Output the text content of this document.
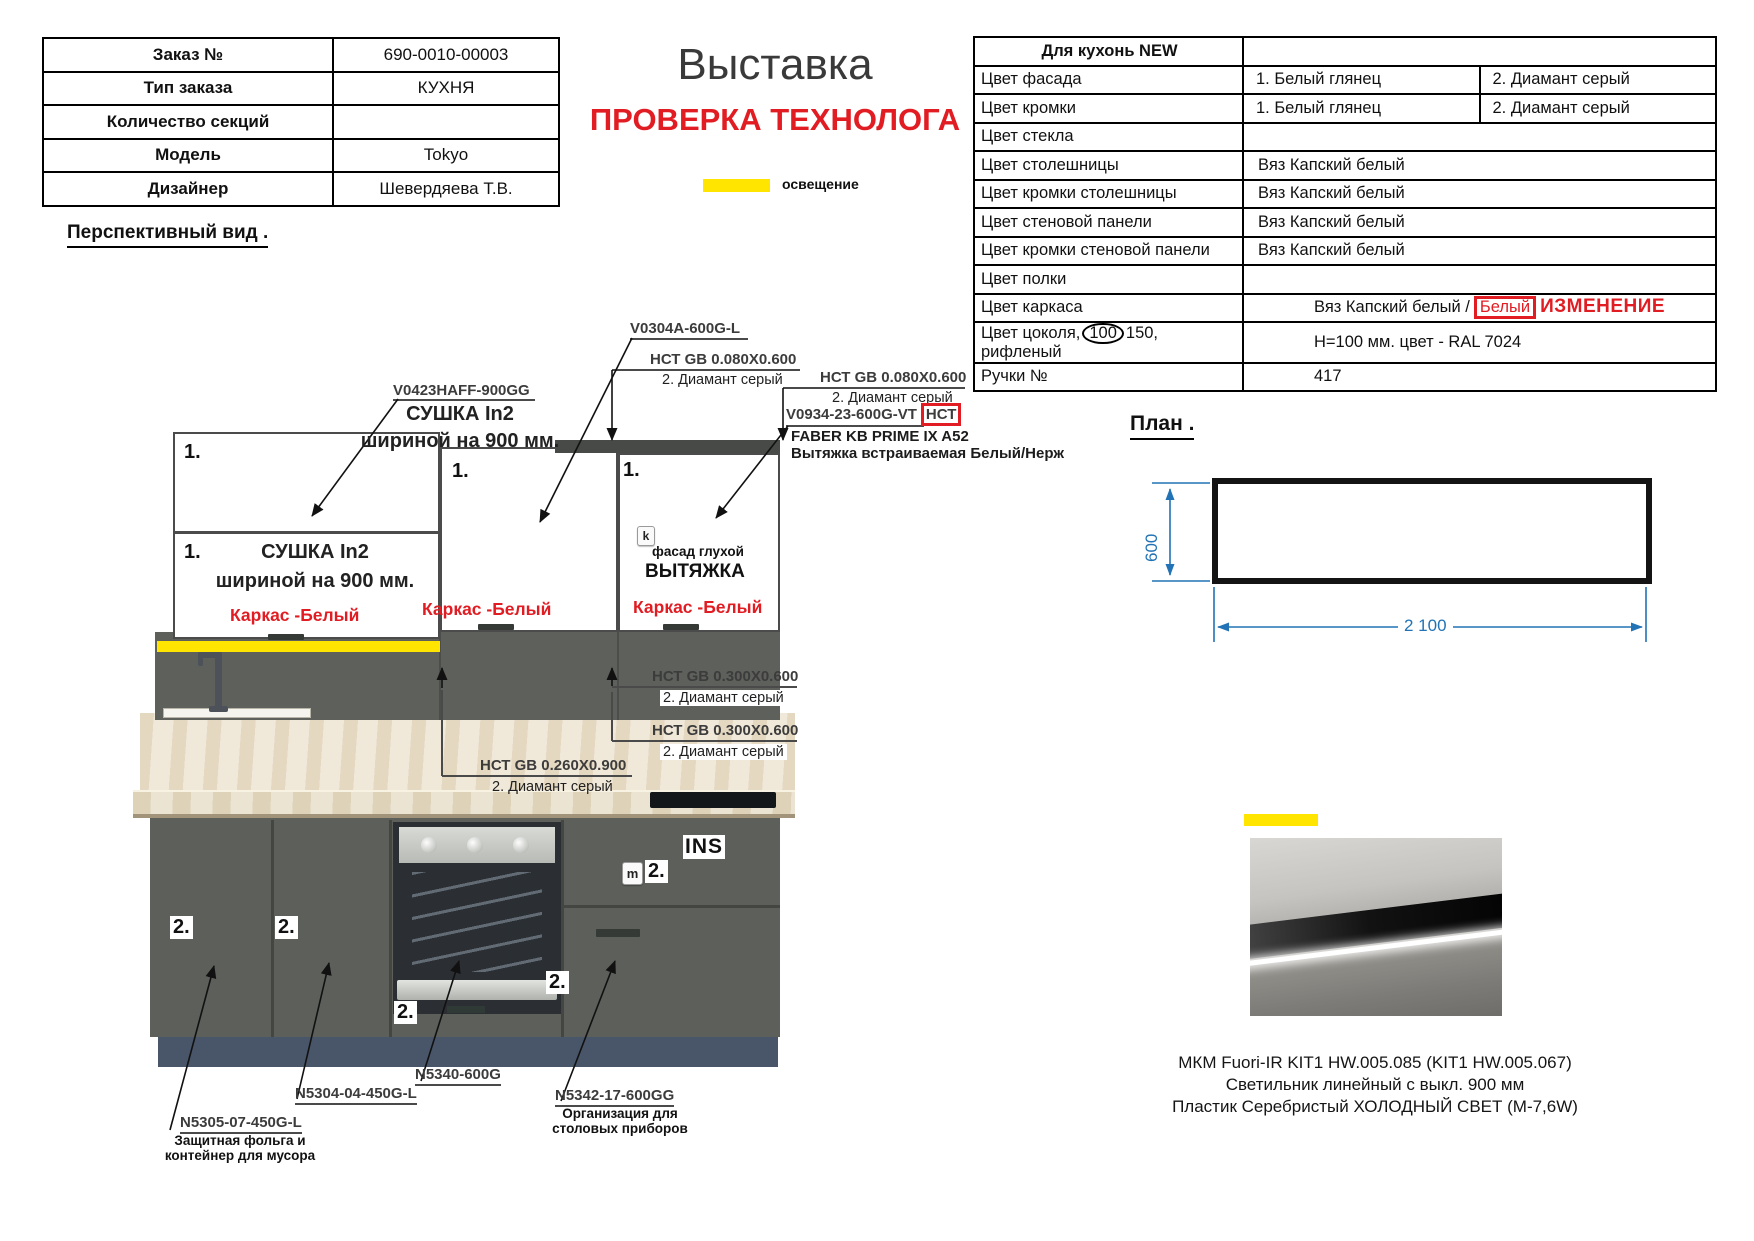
Заказ №	690-0010-00003
Тип заказа	КУХНЯ
Количество секций	
Модель	Tokyo
Дизайнер	Шевердяева Т.В.
Выставка
ПРОВЕРКА ТЕХНОЛОГА
освещение
Для кухонь NEW		
Цвет фасада	1. Белый глянец	2. Диамант серый
Цвет кромки	1. Белый глянец	2. Диамант серый
Цвет стекла		
Цвет столешницы	Вяз Капский белый	
Цвет кромки столешницы	Вяз Капский белый	
Цвет стеновой панели	Вяз Капский белый	
Цвет кромки стеновой панели	Вяз Капский белый	
Цвет полки		
Цвет каркаса	Вяз Капский белый / Белый ИЗМЕНЕНИЕ	
Цвет цоколя, 100 150, рифленый	Н=100 мм. цвет - RAL 7024	
Ручки №	417	
Перспективный вид .
План .
V0423HAFF-900GG
СУШКА In2
шириной на 900 мм.
V0304A-600G-L
НСТ GB 0.080X0.600
2. Диамант серый НСТ GB 0.080X0.600
2. Диамант серый
V0934-23-600G-VT НСТ
FABER KB PRIME IX A52
Вытяжка встраиваемая Белый/Нерж
НСТ GB 0.300X0.600
2. Диамант серый
НСТ GB 0.300X0.600
2. Диамант серый
НСТ GB 0.260X0.900
2. Диамант серый
1.
1.	СУШКА In2
шириной на 900 мм.
Каркас -Белый
1.
Каркас -Белый
1.
k
фасад глухой
ВЫТЯЖКА
Каркас -Белый
2.	2.
2.
2.
m 2.
INS
N5340-600G
N5304-04-450G-L	N5342-17-600GG
Организация для
столовых приборов
N5305-07-450G-L
Защитная фольга и
контейнер для мусора
600
2 100
МКМ Fuori-IR KIT1 HW.005.085 (KIT1 HW.005.067)
Светильник линейный с выкл. 900 мм
Пластик Серебристый ХОЛОДНЫЙ СВЕТ (М-7,6W)
